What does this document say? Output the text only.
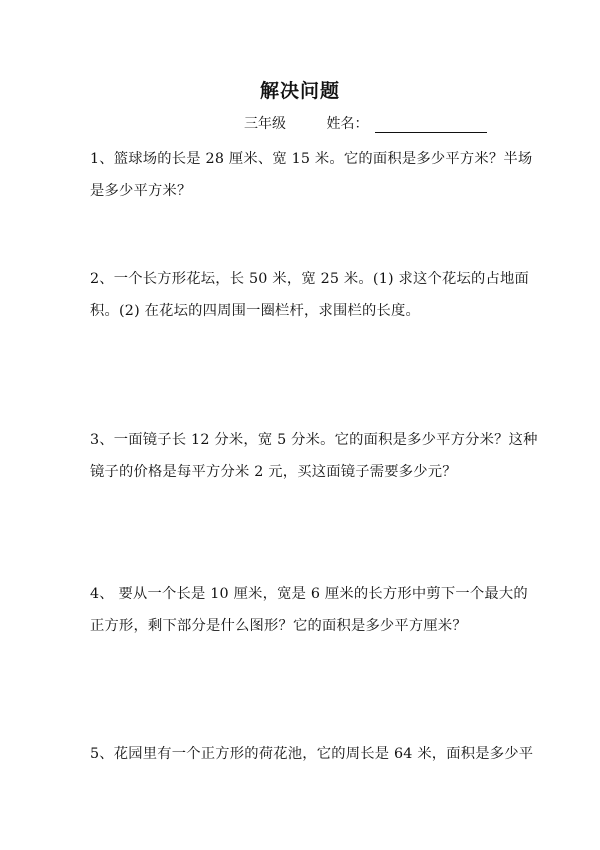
解决问题
三年级	姓名：
1、篮球场的长是 28 厘米、宽 15 米。它的面积是多少平方米？半场
是多少平方米？
2、一个长方形花坛，长 50 米，宽 25 米。(1) 求这个花坛的占地面
积。(2) 在花坛的四周围一圈栏杆，求围栏的长度。
3、一面镜子长 12 分米，宽 5 分米。它的面积是多少平方分米？这种
镜子的价格是每平方分米 2 元，买这面镜子需要多少元？
4、 要从一个长是 10 厘米，宽是 6 厘米的长方形中剪下一个最大的
正方形，剩下部分是什么图形？它的面积是多少平方厘米？
5、花园里有一个正方形的荷花池，它的周长是 64 米，面积是多少平
